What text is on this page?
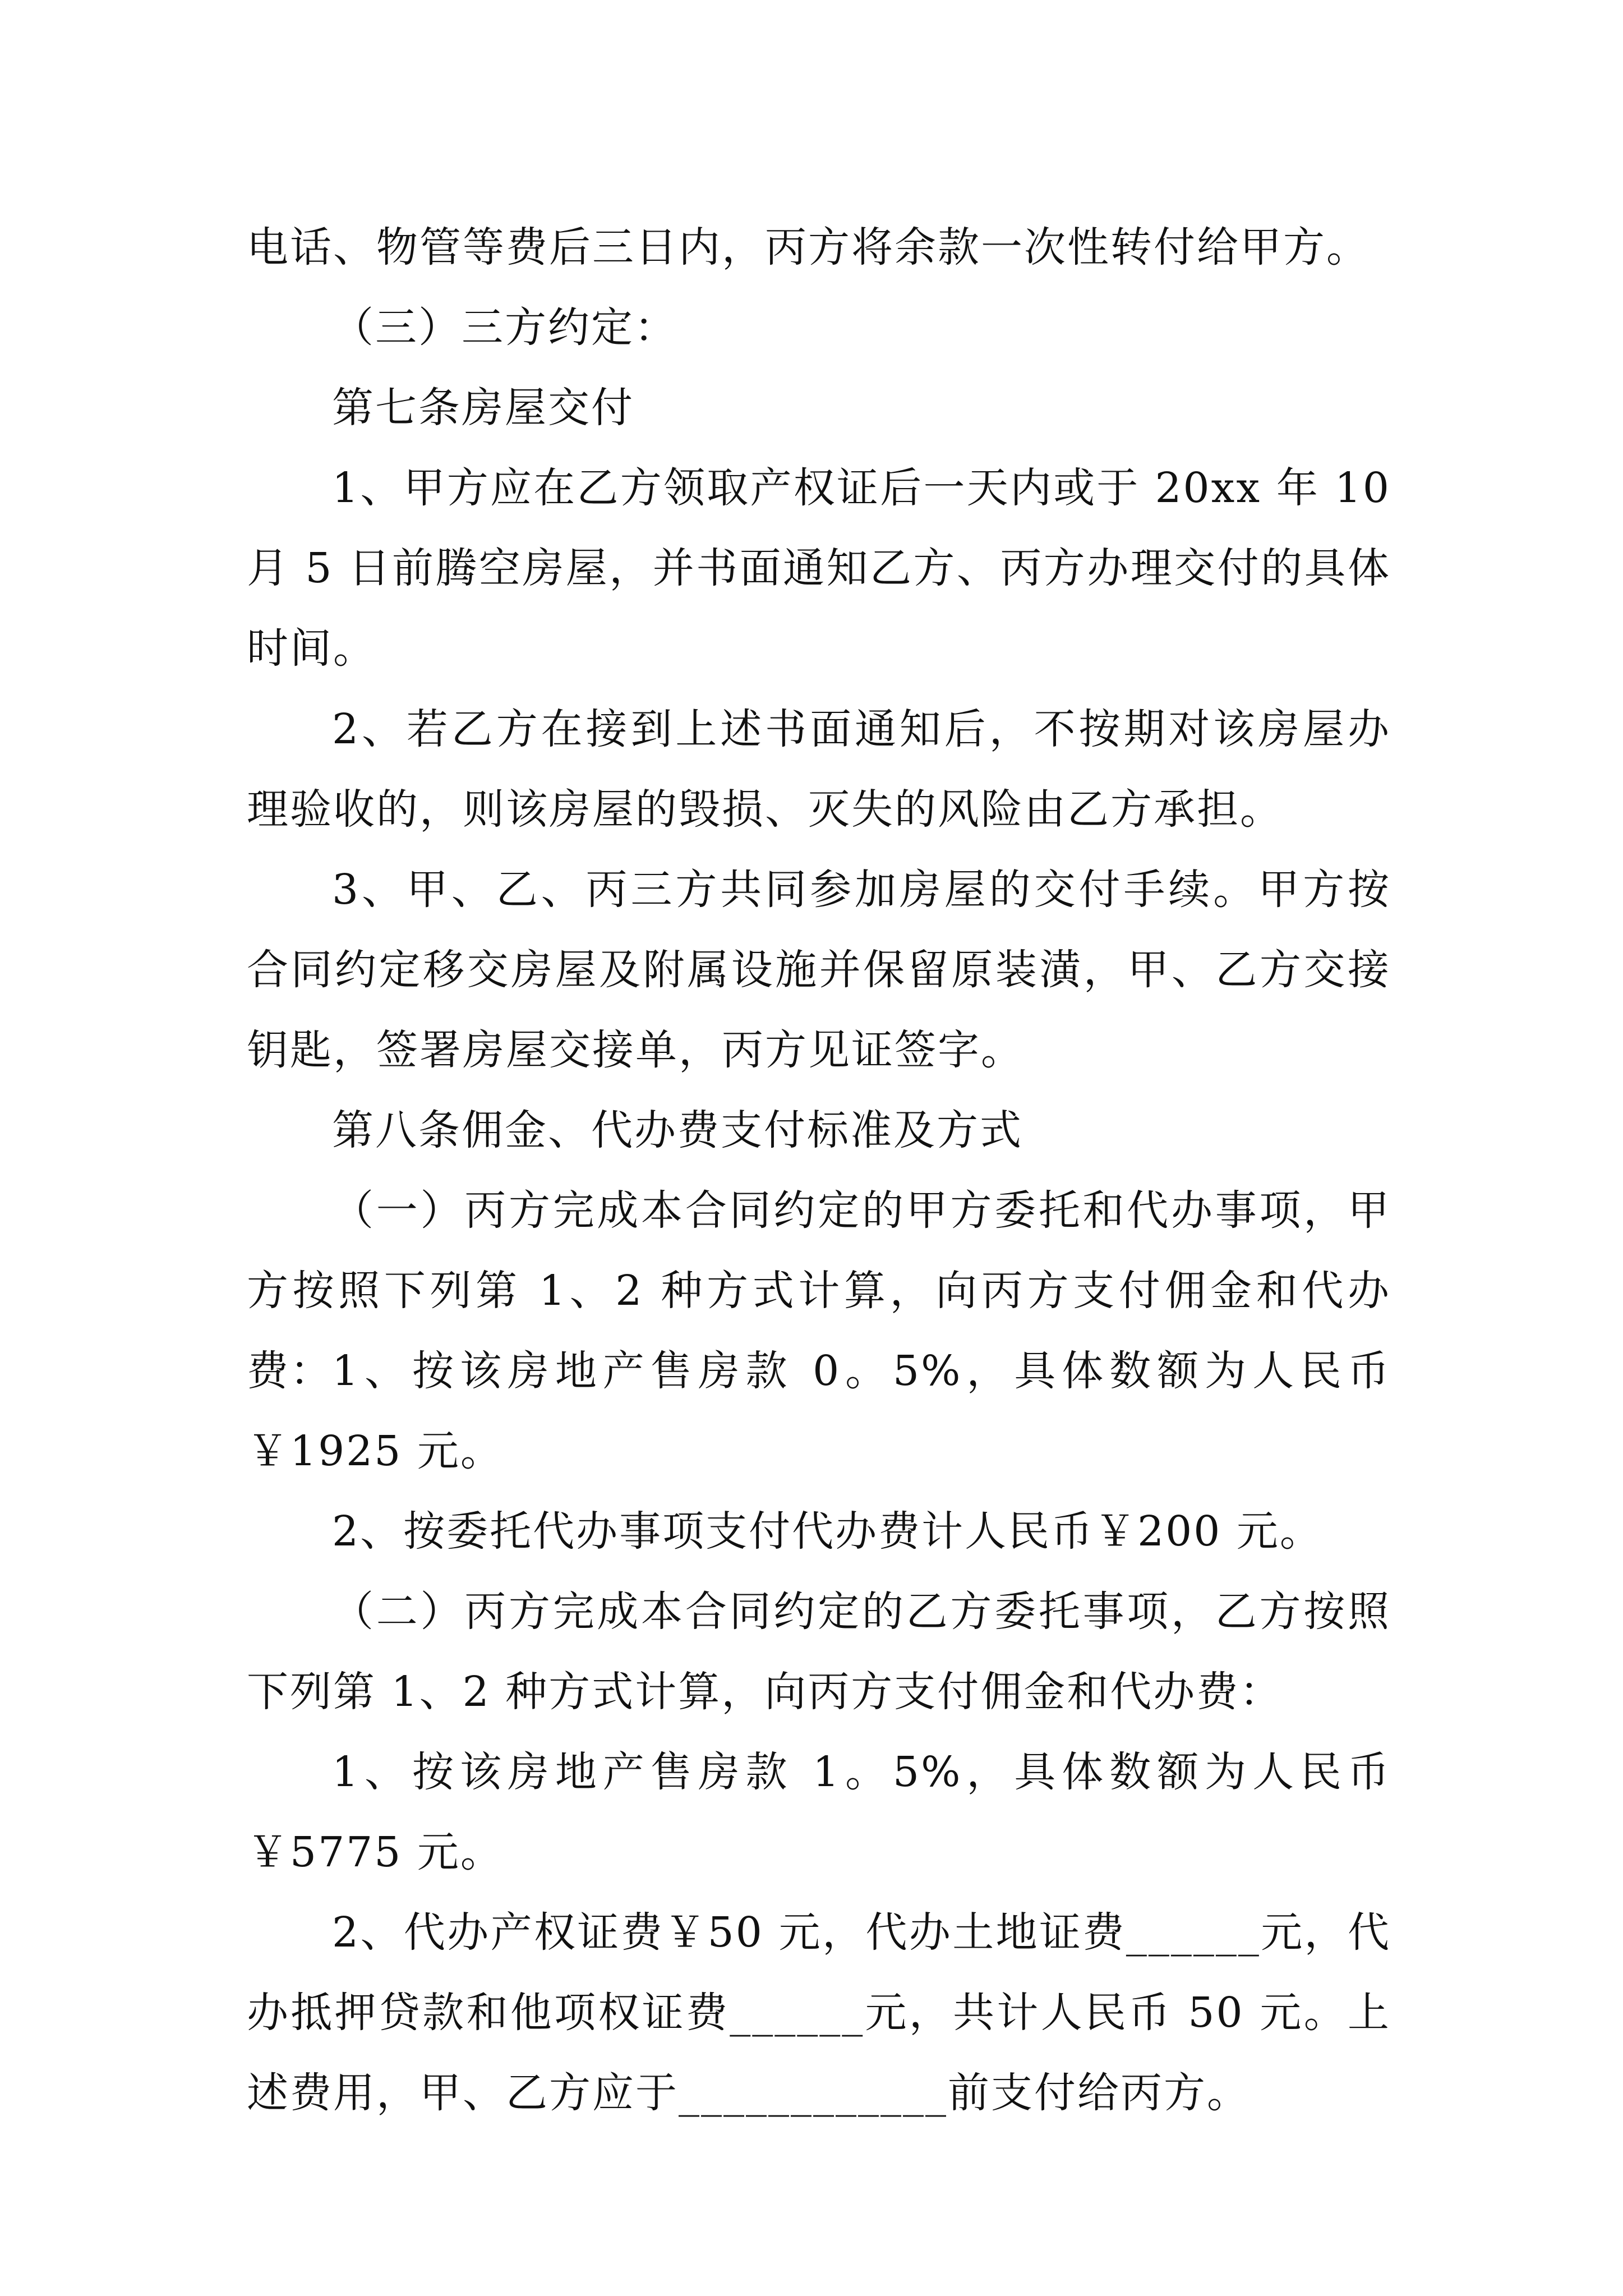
电话、物管等费后三日内，丙方将余款一次性转付给甲方。

（三）三方约定：

第七条房屋交付

1、甲方应在乙方领取产权证后一天内或于 20xx 年 10 月 5 日前腾空房屋，并书面通知乙方、丙方办理交付的具体时间。

2、若乙方在接到上述书面通知后，不按期对该房屋办理验收的，则该房屋的毁损、灭失的风险由乙方承担。

3、甲、乙、丙三方共同参加房屋的交付手续。甲方按合同约定移交房屋及附属设施并保留原装潢，甲、乙方交接钥匙，签署房屋交接单，丙方见证签字。

第八条佣金、代办费支付标准及方式

（一）丙方完成本合同约定的甲方委托和代办事项，甲方按照下列第 1、2 种方式计算，向丙方支付佣金和代办费：

1、按该房地产售房款 0。5%，具体数额为人民币￥1925 元。

2、按委托代办事项支付代办费计人民币￥200 元。

（二）丙方完成本合同约定的乙方委托事项，乙方按照下列第 1、2 种方式计算，向丙方支付佣金和代办费：

1、按该房地产售房款 1。5%，具体数额为人民币￥5775 元。

2、代办产权证费￥50 元，代办土地证费______元，代办抵押贷款和他项权证费______元，共计人民币 50 元。上述费用，甲、乙方应于____________前支付给丙方。
